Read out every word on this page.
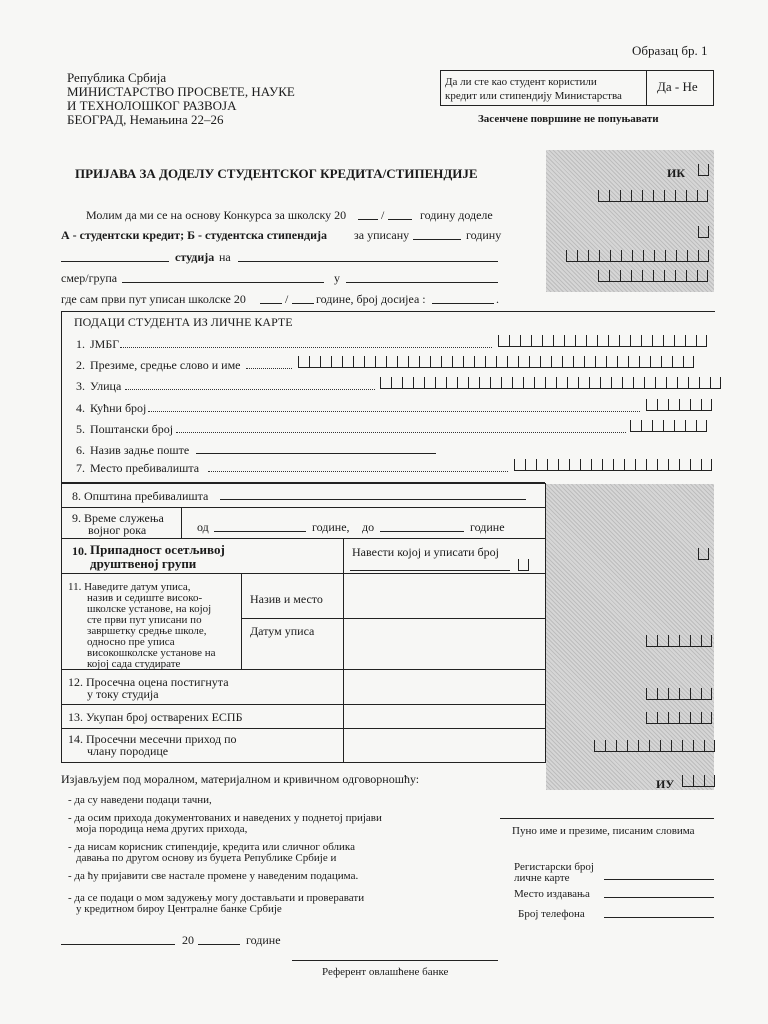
Образац бр. 1
Република Србија
МИНИСТАРСТВО ПРОСВЕТЕ, НАУКЕ
И ТЕХНОЛОШКОГ РАЗВОЈА
БЕОГРАД, Немањина 22–26
Да ли сте као студент користили
кредит или стипендију Министарства
Да - Не
Засенчене површине не попуњавати
ПРИЈАВА ЗА ДОДЕЛУ СТУДЕНТСКОГ КРЕДИТА/СТИПЕНДИЈЕ	ИК
Молим да ми се на основу Конкурса за школску 20	/	годину доделе
А - студентски кредит; Б - студентска стипендија за уписану	годину
студија на
смер/група	у
где сам први пут уписан школске 20	/ године, број досијеа :	.
ПОДАЦИ СТУДЕНТА ИЗ ЛИЧНЕ КАРТЕ
1. ЈМБГ
2. Презиме, средње слово и име
3. Улица
4. Кућни број
5. Поштански број
6. Назив задње поште
7. Место пребивалишта
8. Општина пребивалишта
9. Време служења
војног рока	од	године, до	године
10. Припадност осетљивој
друштвеној групи
Навести којој и уписати број
11. Наведите датум уписа,
назив и седиште високо-
школске установе, на којој
сте први пут уписани по
завршетку средње школе,
односно пре уписа
високошколске установе на
којој сада студирате
Назив и место
Датум уписа
12. Просечна оцена постигнута
у току студија
13. Укупан број остварених ЕСПБ
14. Просечни месечни приход по
члану породице
ИУ
Изјављујем под моралном, материјалном и кривичном одговорношћу:
- да су наведени подаци тачни,
- да осим прихода документованих и наведених у поднетој пријави
моја породица нема других прихода,
- да нисам корисник стипендије, кредита или сличног облика
давања по другом основу из буџета Републике Србије и
- да ћу пријавити све настале промене у наведеним подацима.
- да се подаци о мом задужењу могу достављати и проверавати
у кредитном бироу Централне банке Србије
Пуно име и презиме, писаним словима
Регистарски број
личне карте
Место издавања
Број телефона
20	године
Референт овлашћене банке
